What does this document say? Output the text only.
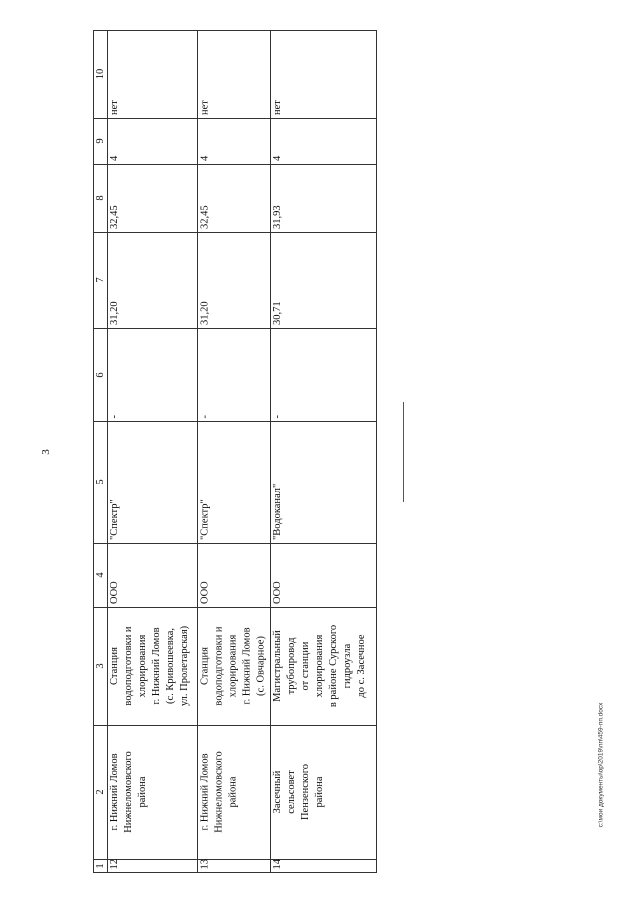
3
1
2
3
4
5
6
7
8
9
10
12
г. Нижний Ломов
Нижнеломовского
района
Станция
водоподготовки и
хлорирования
г. Нижний Ломов
(с. Кривошеевка,
ул. Пролетарская)
ООО
"Спектр"
-
31,20
32,45
4
нет
13
г. Нижний Ломов
Нижнеломовского
района
Станция
водоподготовки и
хлорирования
г. Нижний Ломов
(с. Овчарное)
ООО
"Спектр"
-
31,20
32,45
4
нет
14
Засечный
сельсовет
Пензенского
района
Магистральный
трубопровод
от станции
хлорирования
в районе Сурского
гидроузла
до с. Засечное
ООО
"Водоканал"
-
30,71
31,93
4
нет
c:\мои документы\ор\2019\пп\459-пп.docx
